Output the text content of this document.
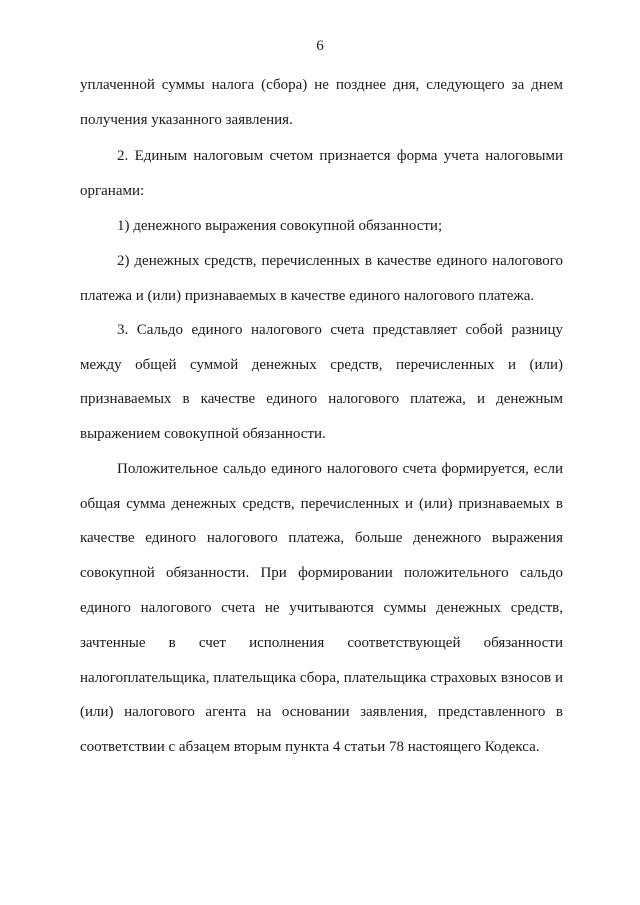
6
уплаченной суммы налога (сбора) не позднее дня, следующего за днем
получения указанного заявления.
2. Единым налоговым счетом признается форма учета налоговыми
органами:
1) денежного выражения совокупной обязанности;
2) денежных средств, перечисленных в качестве единого налогового
платежа и (или) признаваемых в качестве единого налогового платежа.
3. Сальдо единого налогового счета представляет собой разницу
между общей суммой денежных средств, перечисленных и (или)
признаваемых в качестве единого налогового платежа, и денежным
выражением совокупной обязанности.
Положительное сальдо единого налогового счета формируется, если
общая сумма денежных средств, перечисленных и (или) признаваемых в
качестве единого налогового платежа, больше денежного выражения
совокупной обязанности. При формировании положительного сальдо
единого налогового счета не учитываются суммы денежных средств,
зачтенные в счет исполнения соответствующей обязанности
налогоплательщика, плательщика сбора, плательщика страховых взносов и
(или) налогового агента на основании заявления, представленного в
соответствии с абзацем вторым пункта 4 статьи 78 настоящего Кодекса.
